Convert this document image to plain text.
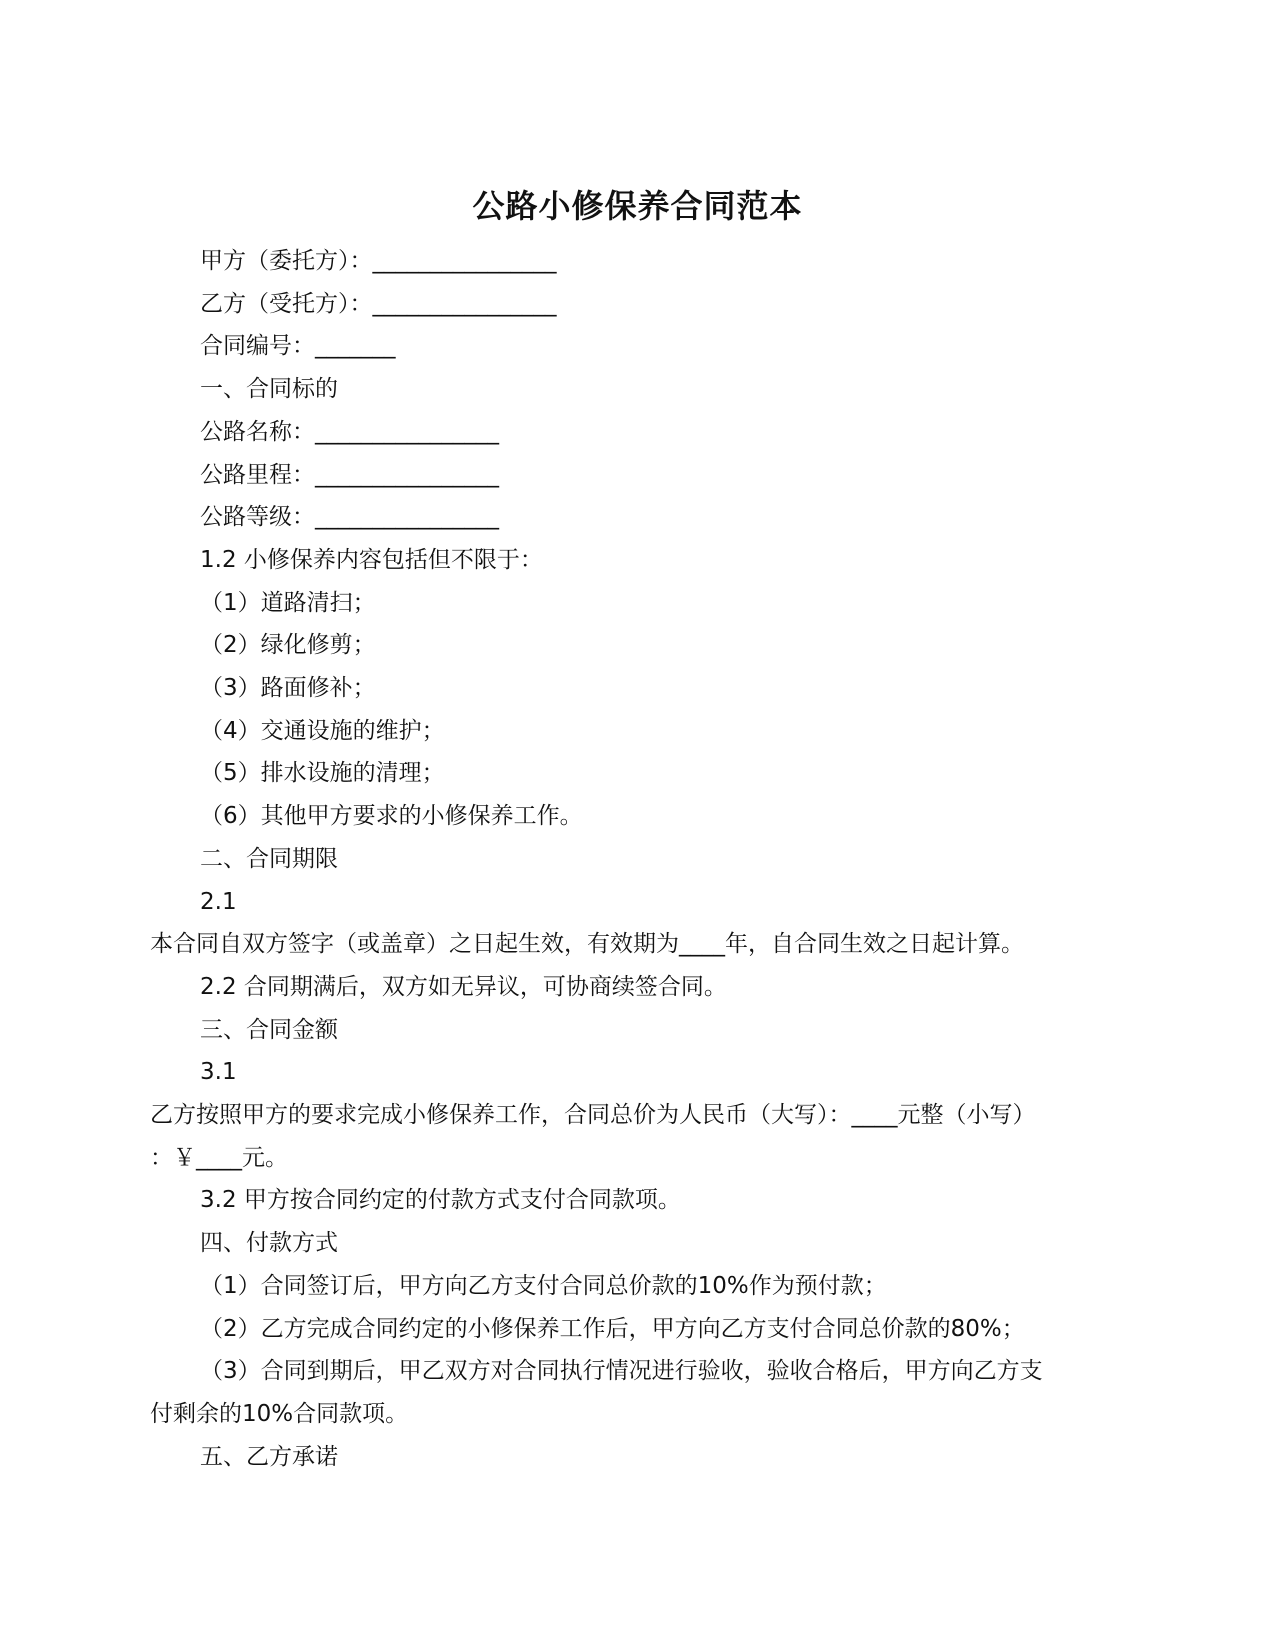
公路小修保养合同范本

甲方（委托方）：________________

乙方（受托方）：________________

合同编号：_______

一、合同标的

公路名称：________________

公路里程：________________

公路等级：________________

1.2 小修保养内容包括但不限于：

（1）道路清扫；

（2）绿化修剪；

（3）路面修补；

（4）交通设施的维护；

（5）排水设施的清理；

（6）其他甲方要求的小修保养工作。

二、合同期限

2.1

本合同自双方签字（或盖章）之日起生效，有效期为____年，自合同生效之日起计算。

2.2 合同期满后，双方如无异议，可协商续签合同。

三、合同金额

3.1

乙方按照甲方的要求完成小修保养工作，合同总价为人民币（大写）：____元整（小写）

：￥____元。

3.2 甲方按合同约定的付款方式支付合同款项。

四、付款方式

（1）合同签订后，甲方向乙方支付合同总价款的10%作为预付款；

（2）乙方完成合同约定的小修保养工作后，甲方向乙方支付合同总价款的80%；

（3）合同到期后，甲乙双方对合同执行情况进行验收，验收合格后，甲方向乙方支

付剩余的10%合同款项。

五、乙方承诺
